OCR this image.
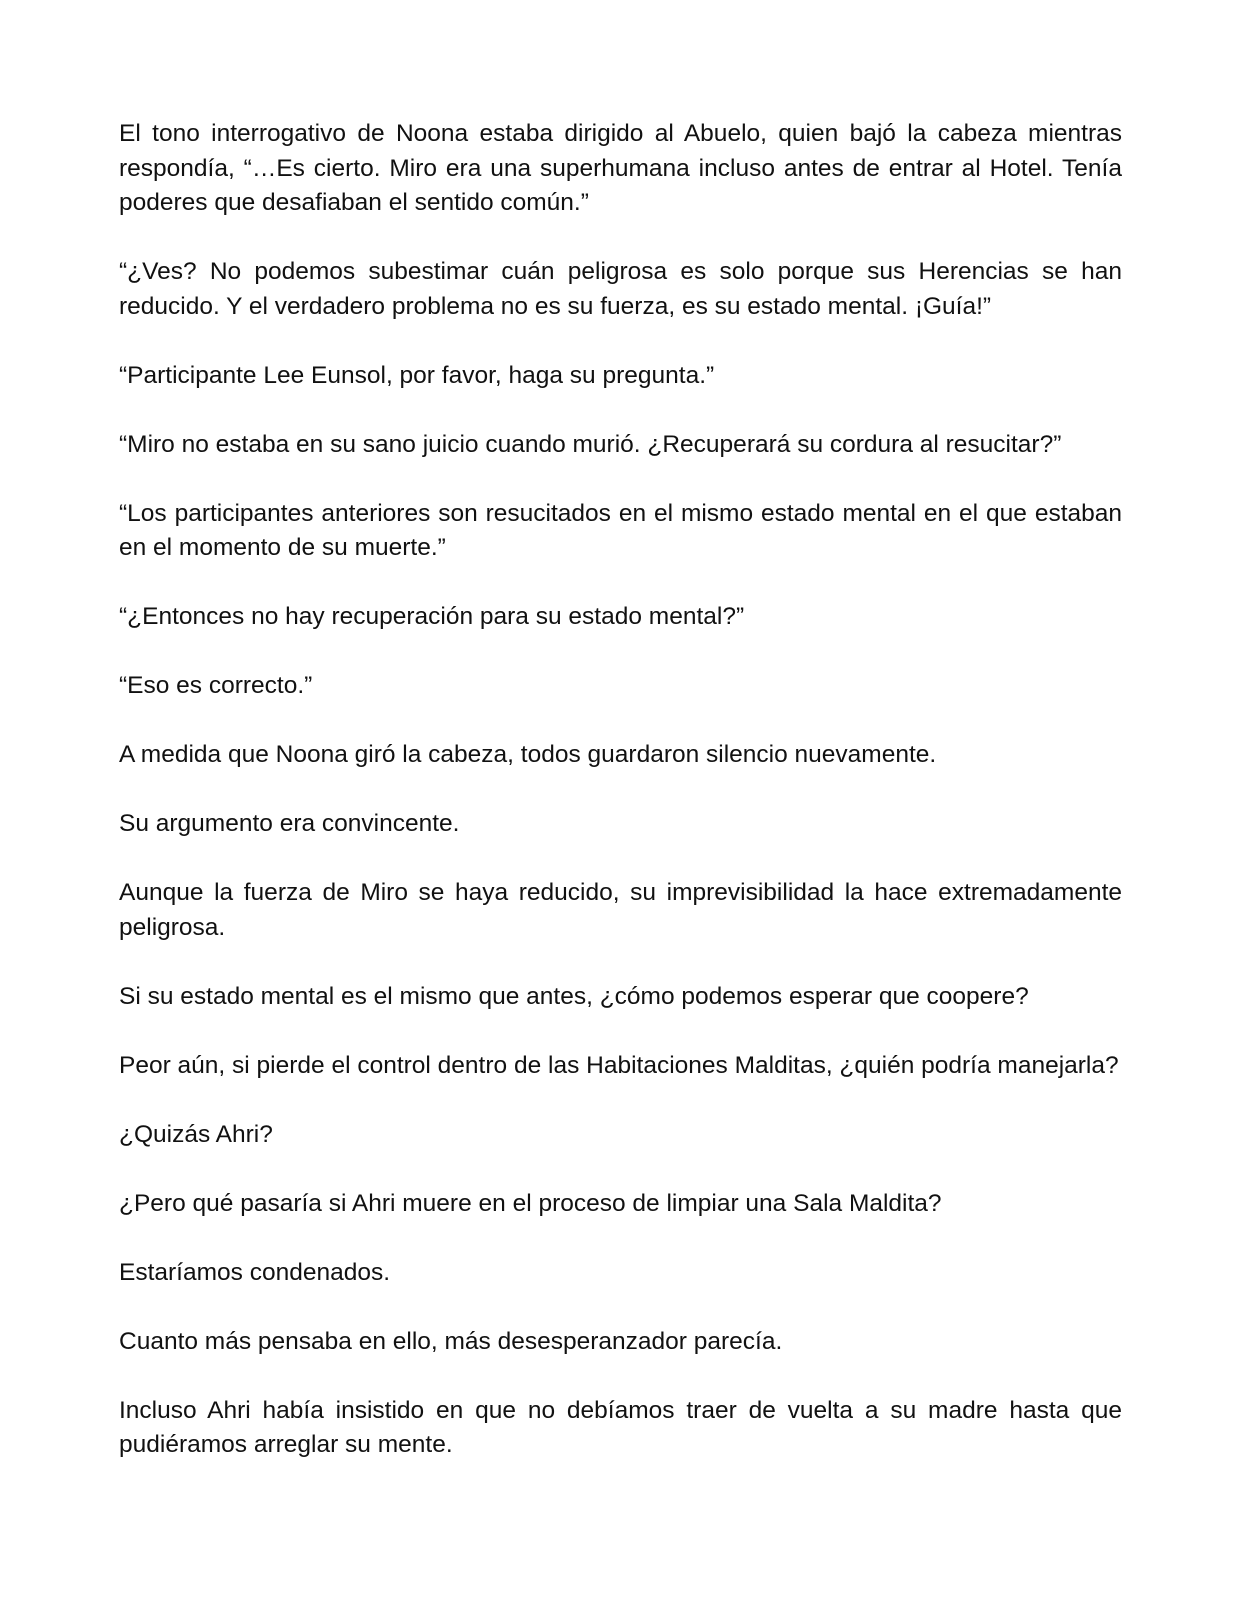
El tono interrogativo de Noona estaba dirigido al Abuelo, quien bajó la cabeza mientras respondía, “…Es cierto. Miro era una superhumana incluso antes de entrar al Hotel. Tenía poderes que desafiaban el sentido común.”

“¿Ves? No podemos subestimar cuán peligrosa es solo porque sus Herencias se han reducido. Y el verdadero problema no es su fuerza, es su estado mental. ¡Guía!”

“Participante Lee Eunsol, por favor, haga su pregunta.”

“Miro no estaba en su sano juicio cuando murió. ¿Recuperará su cordura al resucitar?”

“Los participantes anteriores son resucitados en el mismo estado mental en el que estaban en el momento de su muerte.”

“¿Entonces no hay recuperación para su estado mental?”

“Eso es correcto.”

A medida que Noona giró la cabeza, todos guardaron silencio nuevamente.

Su argumento era convincente.

Aunque la fuerza de Miro se haya reducido, su imprevisibilidad la hace extremadamente peligrosa.

Si su estado mental es el mismo que antes, ¿cómo podemos esperar que coopere?

Peor aún, si pierde el control dentro de las Habitaciones Malditas, ¿quién podría manejarla?

¿Quizás Ahri?

¿Pero qué pasaría si Ahri muere en el proceso de limpiar una Sala Maldita?

Estaríamos condenados.

Cuanto más pensaba en ello, más desesperanzador parecía.

Incluso Ahri había insistido en que no debíamos traer de vuelta a su madre hasta que pudiéramos arreglar su mente.
